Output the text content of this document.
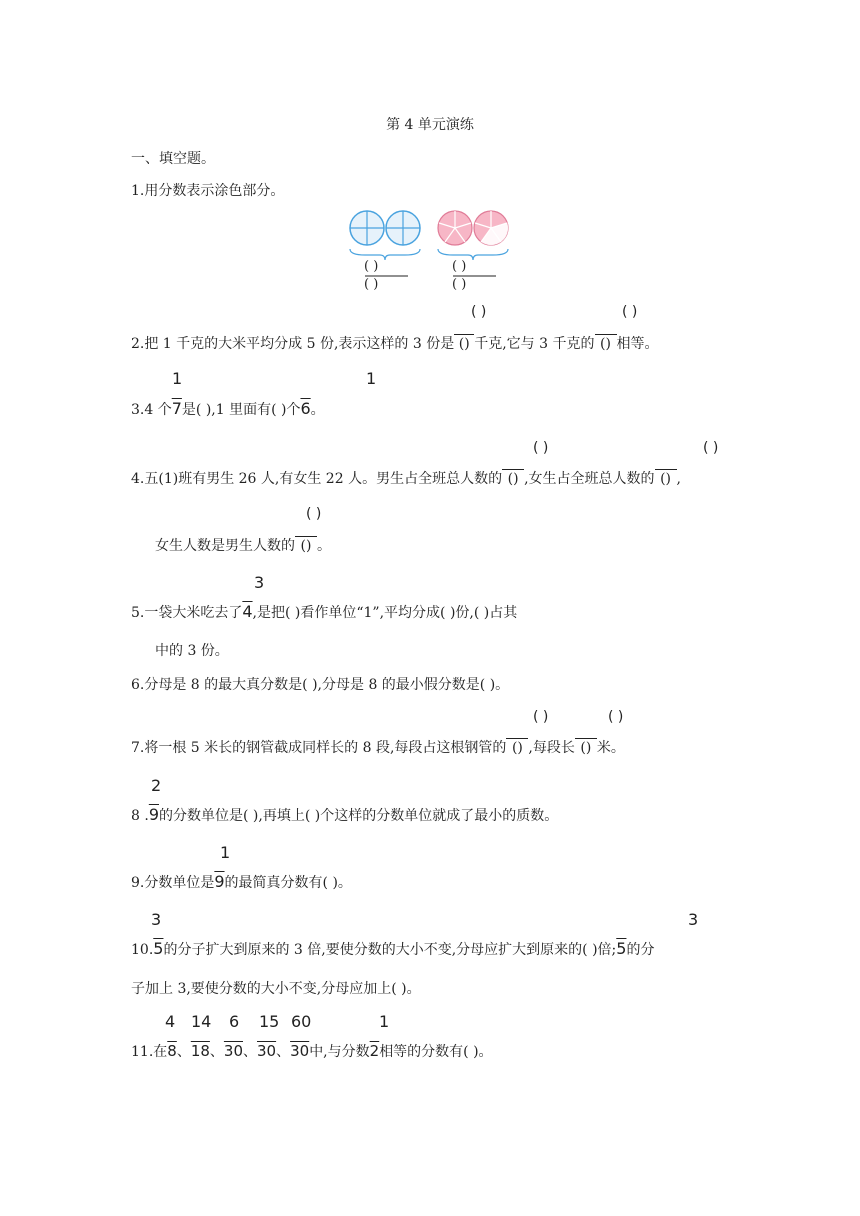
第 4 单元演练
一、填空题。
1.用分数表示涂色部分。
( )
( )
( )
( )
( )	( )
2.把 1 千克的大米平均分成 5 份,表示这样的 3 份是 () 千克,它与 3 千克的 () 相等。
1	1
3.4 个7是( ),1 里面有( )个6。
( )	( )
4.五(1)班有男生 26 人,有女生 22 人。男生占全班总人数的 () ,女生占全班总人数的 () ,
( )
女生人数是男生人数的 () 。
3
5.一袋大米吃去了4,是把( )看作单位“1”,平均分成( )份,( )占其
中的 3 份。
6.分母是 8 的最大真分数是( ),分母是 8 的最小假分数是( )。
( )	( )
7.将一根 5 米长的钢管截成同样长的 8 段,每段占这根钢管的 () ,每段长 () 米。
2
8 .9的分数单位是( ),再填上( )个这样的分数单位就成了最小的质数。
1
9.分数单位是9的最简真分数有( )。
3	3
10.5的分子扩大到原来的 3 倍,要使分数的大小不变,分母应扩大到原来的( )倍;5的分
子加上 3,要使分数的大小不变,分母应加上( )。
4 14 6 15 60	1
11.在8、18、30、30、30中,与分数2相等的分数有( )。
